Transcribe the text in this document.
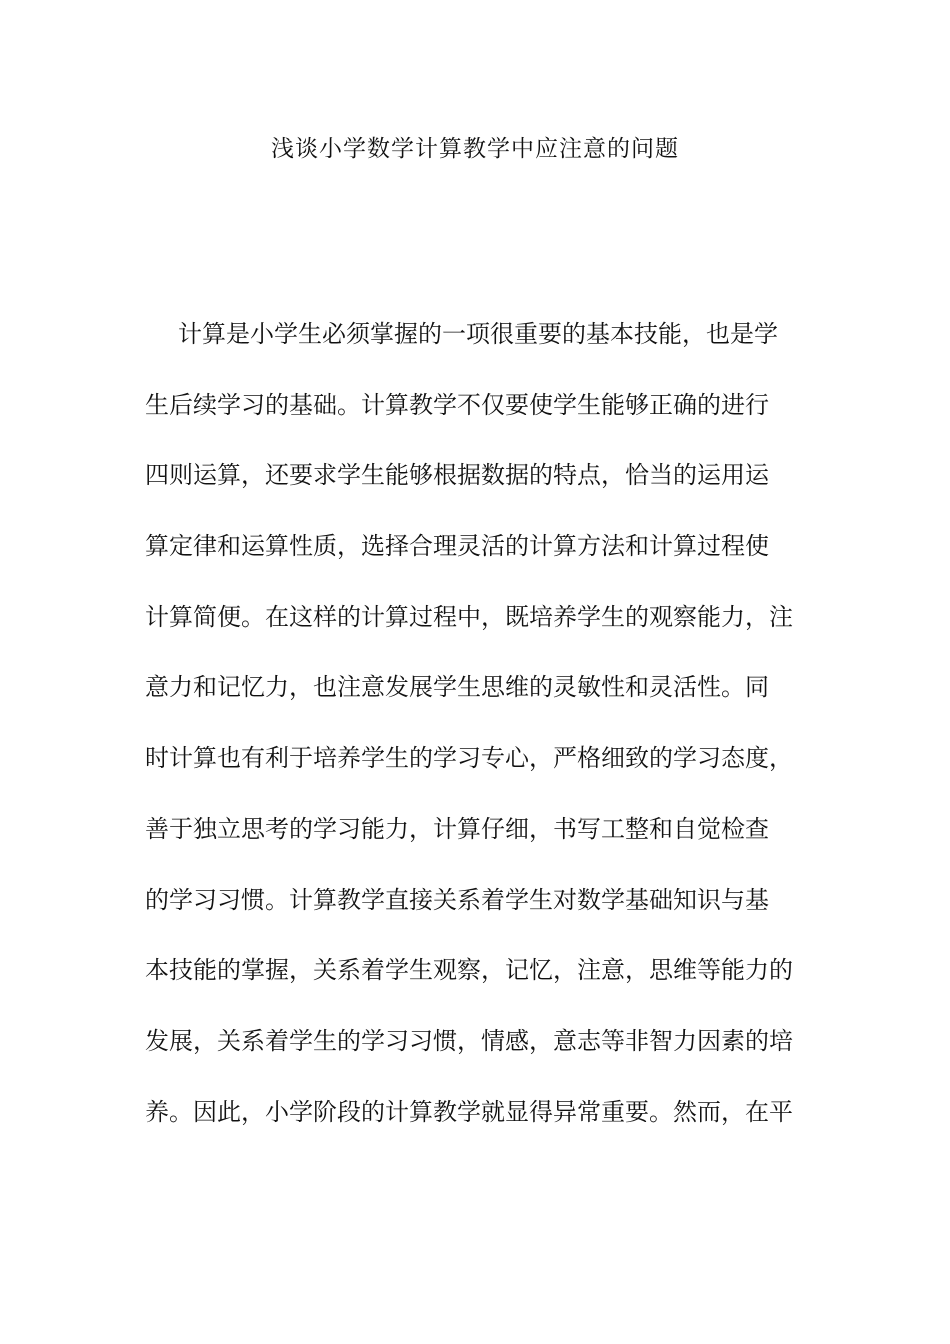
浅谈小学数学计算教学中应注意的问题
计算是小学生必须掌握的一项很重要的基本技能，也是学
生后续学习的基础。计算教学不仅要使学生能够正确的进行
四则运算，还要求学生能够根据数据的特点，恰当的运用运
算定律和运算性质，选择合理灵活的计算方法和计算过程使
计算简便。在这样的计算过程中，既培养学生的观察能力，注
意力和记忆力，也注意发展学生思维的灵敏性和灵活性。同
时计算也有利于培养学生的学习专心，严格细致的学习态度，
善于独立思考的学习能力，计算仔细，书写工整和自觉检查
的学习习惯。计算教学直接关系着学生对数学基础知识与基
本技能的掌握，关系着学生观察，记忆，注意，思维等能力的
发展，关系着学生的学习习惯，情感，意志等非智力因素的培
养。因此，小学阶段的计算教学就显得异常重要。然而，在平
